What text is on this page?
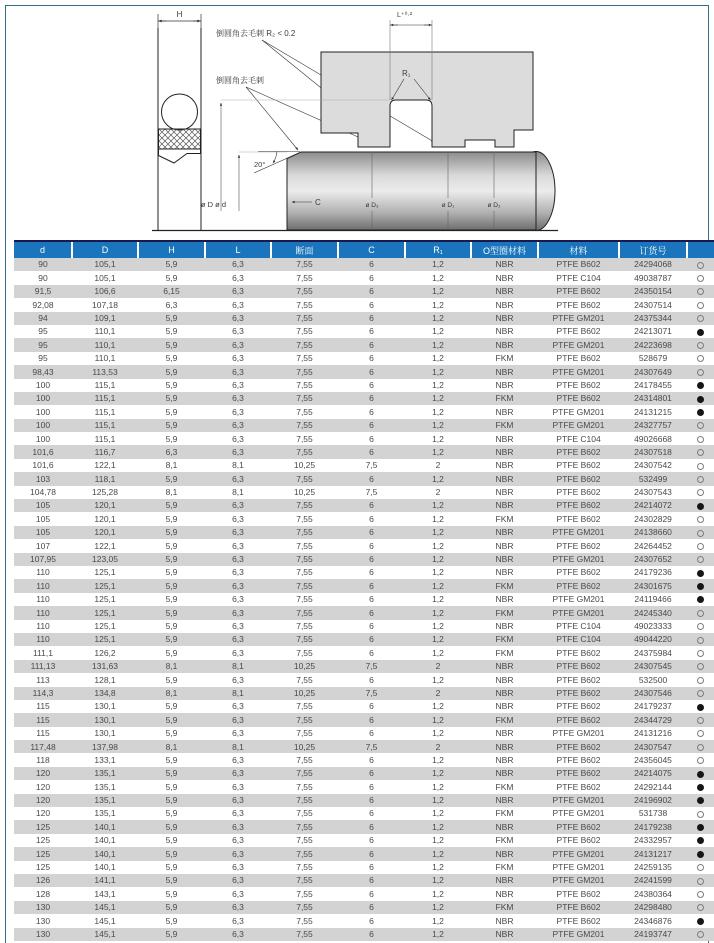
H
倒圆角去毛刺 R₂ < 0.2
倒圆角去毛刺
L⁺⁰·²
R₁
ø D₃	ø D₁	ø D₂
ø D ø d
20°
C
d	D	H	L	断面	C	R₁	O型圈材料	材料	订货号	
90	105,1	5,9	6,3	7,55	6	1,2	NBR	PTFE B602	24294068	
90	105,1	5,9	6,3	7,55	6	1,2	NBR	PTFE C104	49038787	
91,5	106,6	6,15	6,3	7,55	6	1,2	NBR	PTFE B602	24350154	
92,08	107,18	6,3	6,3	7,55	6	1,2	NBR	PTFE B602	24307514	
94	109,1	5,9	6,3	7,55	6	1,2	NBR	PTFE GM201	24375344	
95	110,1	5,9	6,3	7,55	6	1,2	NBR	PTFE B602	24213071	
95	110,1	5,9	6,3	7,55	6	1,2	NBR	PTFE GM201	24223698	
95	110,1	5,9	6,3	7,55	6	1,2	FKM	PTFE B602	528679	
98,43	113,53	5,9	6,3	7,55	6	1,2	NBR	PTFE GM201	24307649	
100	115,1	5,9	6,3	7,55	6	1,2	NBR	PTFE B602	24178455	
100	115,1	5,9	6,3	7,55	6	1,2	FKM	PTFE B602	24314801	
100	115,1	5,9	6,3	7,55	6	1,2	NBR	PTFE GM201	24131215	
100	115,1	5,9	6,3	7,55	6	1,2	FKM	PTFE GM201	24327757	
100	115,1	5,9	6,3	7,55	6	1,2	NBR	PTFE C104	49026668	
101,6	116,7	6,3	6,3	7,55	6	1,2	NBR	PTFE B602	24307518	
101,6	122,1	8,1	8,1	10,25	7,5	2	NBR	PTFE B602	24307542	
103	118,1	5,9	6,3	7,55	6	1,2	NBR	PTFE B602	532499	
104,78	125,28	8,1	8,1	10,25	7,5	2	NBR	PTFE B602	24307543	
105	120,1	5,9	6,3	7,55	6	1,2	NBR	PTFE B602	24214072	
105	120,1	5,9	6,3	7,55	6	1,2	FKM	PTFE B602	24302829	
105	120,1	5,9	6,3	7,55	6	1,2	NBR	PTFE GM201	24138660	
107	122,1	5,9	6,3	7,55	6	1,2	NBR	PTFE B602	24264452	
107,95	123,05	5,9	6,3	7,55	6	1,2	NBR	PTFE GM201	24307652	
110	125,1	5,9	6,3	7,55	6	1,2	NBR	PTFE B602	24179236	
110	125,1	5,9	6,3	7,55	6	1,2	FKM	PTFE B602	24301675	
110	125,1	5,9	6,3	7,55	6	1,2	NBR	PTFE GM201	24119466	
110	125,1	5,9	6,3	7,55	6	1,2	FKM	PTFE GM201	24245340	
110	125,1	5,9	6,3	7,55	6	1,2	NBR	PTFE C104	49023333	
110	125,1	5,9	6,3	7,55	6	1,2	FKM	PTFE C104	49044220	
111,1	126,2	5,9	6,3	7,55	6	1,2	FKM	PTFE B602	24375984	
111,13	131,63	8,1	8,1	10,25	7,5	2	NBR	PTFE B602	24307545	
113	128,1	5,9	6,3	7,55	6	1,2	NBR	PTFE B602	532500	
114,3	134,8	8,1	8,1	10,25	7,5	2	NBR	PTFE B602	24307546	
115	130,1	5,9	6,3	7,55	6	1,2	NBR	PTFE B602	24179237	
115	130,1	5,9	6,3	7,55	6	1,2	FKM	PTFE B602	24344729	
115	130,1	5,9	6,3	7,55	6	1,2	NBR	PTFE GM201	24131216	
117,48	137,98	8,1	8,1	10,25	7,5	2	NBR	PTFE B602	24307547	
118	133,1	5,9	6,3	7,55	6	1,2	NBR	PTFE B602	24356045	
120	135,1	5,9	6,3	7,55	6	1,2	NBR	PTFE B602	24214075	
120	135,1	5,9	6,3	7,55	6	1,2	FKM	PTFE B602	24292144	
120	135,1	5,9	6,3	7,55	6	1,2	NBR	PTFE GM201	24196902	
120	135,1	5,9	6,3	7,55	6	1,2	FKM	PTFE GM201	531738	
125	140,1	5,9	6,3	7,55	6	1,2	NBR	PTFE B602	24179238	
125	140,1	5,9	6,3	7,55	6	1,2	FKM	PTFE B602	24332957	
125	140,1	5,9	6,3	7,55	6	1,2	NBR	PTFE GM201	24131217	
125	140,1	5,9	6,3	7,55	6	1,2	FKM	PTFE GM201	24259135	
126	141,1	5,9	6,3	7,55	6	1,2	NBR	PTFE GM201	24241599	
128	143,1	5,9	6,3	7,55	6	1,2	NBR	PTFE B602	24380364	
130	145,1	5,9	6,3	7,55	6	1,2	FKM	PTFE B602	24298480	
130	145,1	5,9	6,3	7,55	6	1,2	NBR	PTFE B602	24346876	
130	145,1	5,9	6,3	7,55	6	1,2	NBR	PTFE GM201	24193747	
